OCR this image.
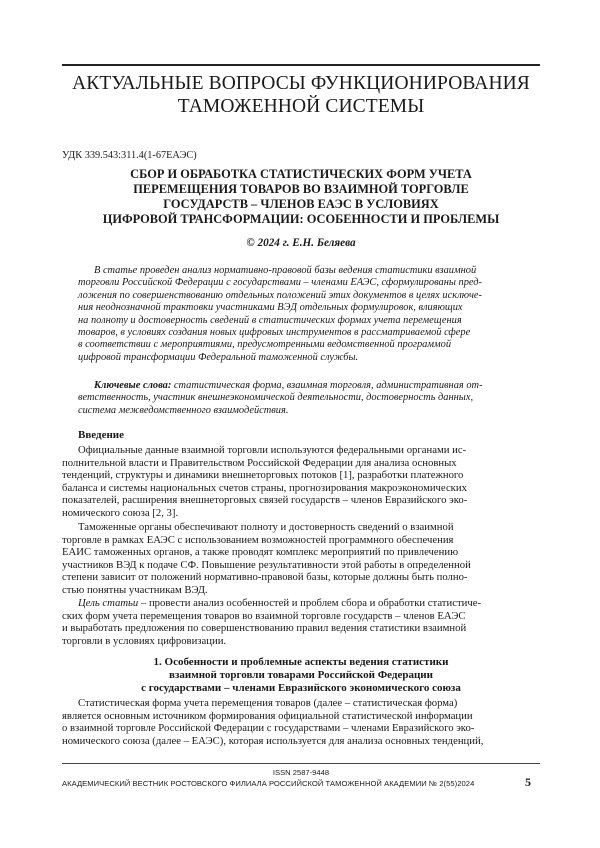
АКТУАЛЬНЫЕ ВОПРОСЫ ФУНКЦИОНИРОВАНИЯ
ТАМОЖЕННОЙ СИСТЕМЫ
УДК 339.543:311.4(1-67ЕАЭС)
СБОР И ОБРАБОТКА СТАТИСТИЧЕСКИХ ФОРМ УЧЕТА
ПЕРЕМЕЩЕНИЯ ТОВАРОВ ВО ВЗАИМНОЙ ТОРГОВЛЕ
ГОСУДАРСТВ – ЧЛЕНОВ ЕАЭС В УСЛОВИЯХ
ЦИФРОВОЙ ТРАНСФОРМАЦИИ: ОСОБЕННОСТИ И ПРОБЛЕМЫ
© 2024 г. Е.Н. Беляева
В статье проведен анализ нормативно-правовой базы ведения статистики взаимной
торговли Российской Федерации с государствами – членами ЕАЭС, сформулированы пред-
ложения по совершенствованию отдельных положений этих документов в целях исключе-
ния неоднозначной трактовки участниками ВЭД отдельных формулировок, влияющих
на полноту и достоверность сведений в статистических формах учета перемещения
товаров, в условиях создания новых цифровых инструментов в рассматриваемой сфере
в соответствии с мероприятиями, предусмотренными ведомственной программой
цифровой трансформации Федеральной таможенной службы.
Ключевые слова: статистическая форма, взаимная торговля, административная от-
ветственность, участник внешнеэкономической деятельности, достоверность данных,
система межведомственного взаимодействия.
Введение
Официальные данные взаимной торговли используются федеральными органами ис-
полнительной власти и Правительством Российской Федерации для анализа основных
тенденций, структуры и динамики внешнеторговых потоков [1], разработки платежного
баланса и системы национальных счетов страны, прогнозирования макроэкономических
показателей, расширения внешнеторговых связей государств – членов Евразийского эко-
номического союза [2, 3].
Таможенные органы обеспечивают полноту и достоверность сведений о взаимной
торговле в рамках ЕАЭС с использованием возможностей программного обеспечения
ЕАИС таможенных органов, а также проводят комплекс мероприятий по привлечению
участников ВЭД к подаче СФ. Повышение результативности этой работы в определенной
степени зависит от положений нормативно-правовой базы, которые должны быть полно-
стью понятны участникам ВЭД.
Цель статьи – провести анализ особенностей и проблем сбора и обработки статистиче-
ских форм учета перемещения товаров во взаимной торговле государств – членов ЕАЭС
и выработать предложения по совершенствованию правил ведения статистики взаимной
торговли в условиях цифровизации.
1. Особенности и проблемные аспекты ведения статистики
взаимной торговли товарами Российской Федерации
с государствами – членами Евразийского экономического союза
Статистическая форма учета перемещения товаров (далее – статистическая форма)
является основным источником формирования официальной статистической информации
о взаимной торговле Российской Федерации с государствами – членами Евразийского эко-
номического союза (далее – ЕАЭС), которая используется для анализа основных тенденций,
ISSN 2587-9448
АКАДЕМИЧЕСКИЙ ВЕСТНИК РОСТОВСКОГО ФИЛИАЛА РОССИЙСКОЙ ТАМОЖЕННОЙ АКАДЕМИИ № 2(55)2024	5
